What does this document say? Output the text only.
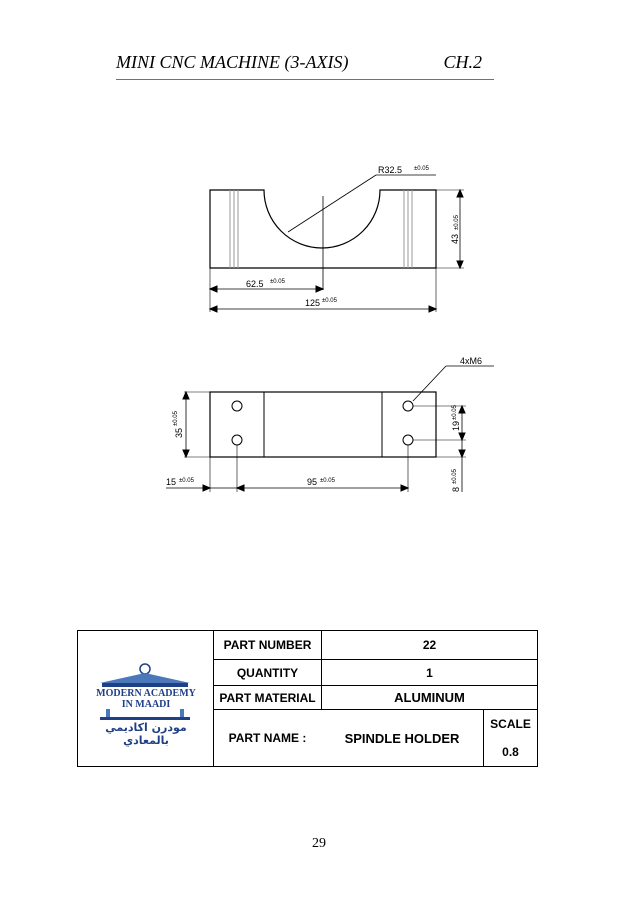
MINI CNC MACHINE (3-AXIS)	CH.2
R32.5 ±0.05
43
±0.05
62.5 ±0.05
125 ±0.05
4xM6
35
±0.05	19
±0.05
8
±0.05
15 ±0.05	95 ±0.05
MODERN ACADEMY
IN MAADI
مودرن اكاديمي بالمعادي
PART NUMBER	22
QUANTITY	1
PART MATERIAL	ALUMINUM
PART NAME :	SPINDLE HOLDER
SCALE
0.8
29
